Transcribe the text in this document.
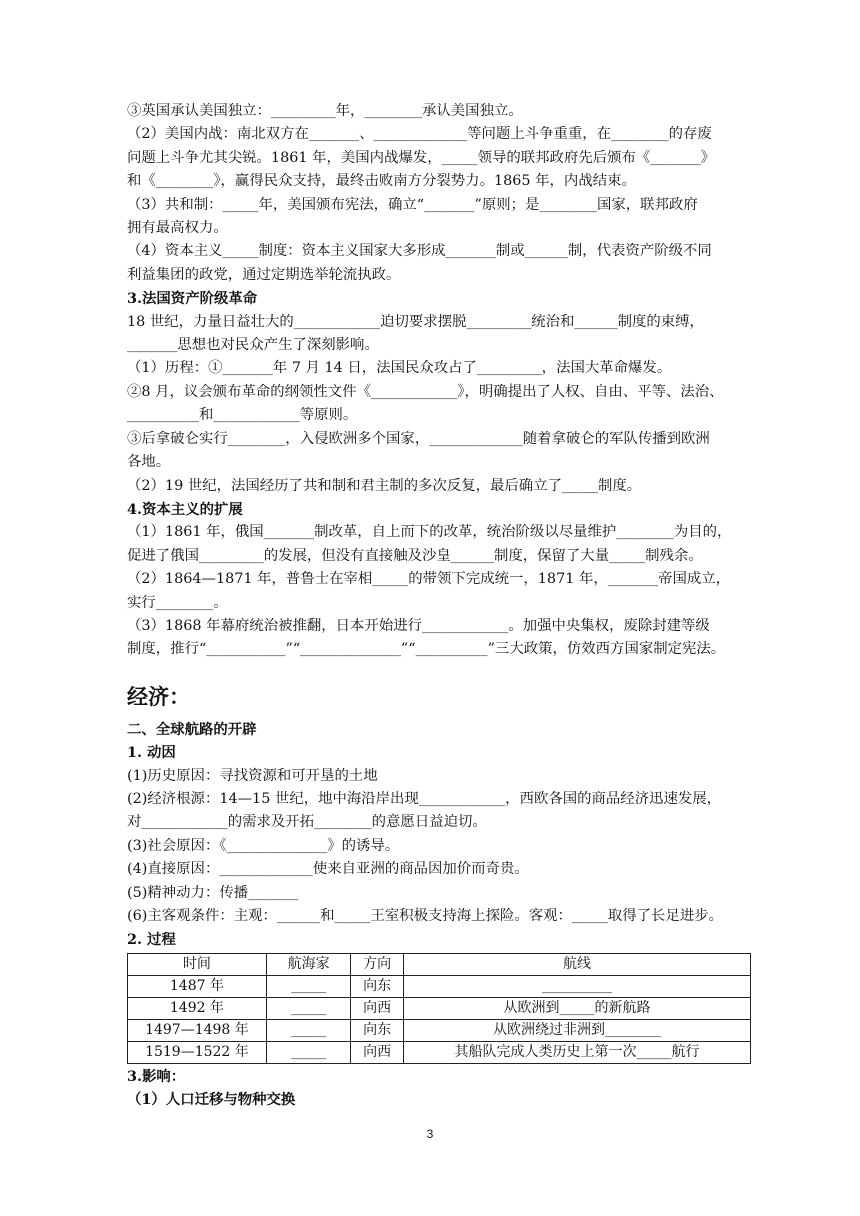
③英国承认美国独立：_________年，________承认美国独立。
（2）美国内战：南北双方在_______、_____________等问题上斗争重重，在________的存废
问题上斗争尤其尖锐。1861 年，美国内战爆发，_____领导的联邦政府先后颁布《_______》
和《________》，赢得民众支持，最终击败南方分裂势力。1865 年，内战结束。
（3）共和制：_____年，美国颁布宪法，确立“_______”原则；是________国家，联邦政府
拥有最高权力。
（4）资本主义_____制度：资本主义国家大多形成_______制或______制，代表资产阶级不同
利益集团的政党，通过定期选举轮流执政。
3.法国资产阶级革命
18 世纪，力量日益壮大的____________迫切要求摆脱_________统治和______制度的束缚，
_______思想也对民众产生了深刻影响。
（1）历程：①_______年 7 月 14 日，法国民众攻占了_________，法国大革命爆发。
②8 月，议会颁布革命的纲领性文件《____________》，明确提出了人权、自由、平等、法治、
__________和____________等原则。
③后拿破仑实行________，入侵欧洲多个国家，_____________随着拿破仑的军队传播到欧洲
各地。
（2）19 世纪，法国经历了共和制和君主制的多次反复，最后确立了_____制度。
4.资本主义的扩展
（1）1861 年，俄国_______制改革，自上而下的改革，统治阶级以尽量维护________为目的，
促进了俄国_________的发展，但没有直接触及沙皇______制度，保留了大量_____制残余。
（2）1864—1871 年，普鲁士在宰相_____的带领下完成统一，1871 年，_______帝国成立，
实行________。
（3）1868 年幕府统治被推翻，日本开始进行____________。加强中央集权，废除封建等级
制度，推行“___________”“______________”“__________”三大政策，仿效西方国家制定宪法。
经济：
二、全球航路的开辟
1. 动因
(1)历史原因：寻找资源和可开垦的土地
(2)经济根源：14—15 世纪，地中海沿岸出现____________，西欧各国的商品经济迅速发展，
对____________的需求及开拓________的意愿日益迫切。
(3)社会原因：《______________》的诱导。
(4)直接原因：_____________使来自亚洲的商品因加价而奇贵。
(5)精神动力：传播_______
(6)主客观条件：主观：______和_____王室积极支持海上探险。客观：_____取得了长足进步。
2. 过程
时间	航海家	方向	航线
1487 年	_____	向东	__________
1492 年	_____	向西	从欧洲到_____的新航路
1497—1498 年	_____	向东	从欧洲绕过非洲到________
1519—1522 年	_____	向西	其船队完成人类历史上第一次_____航行
3.影响：
（1）人口迁移与物种交换
3
